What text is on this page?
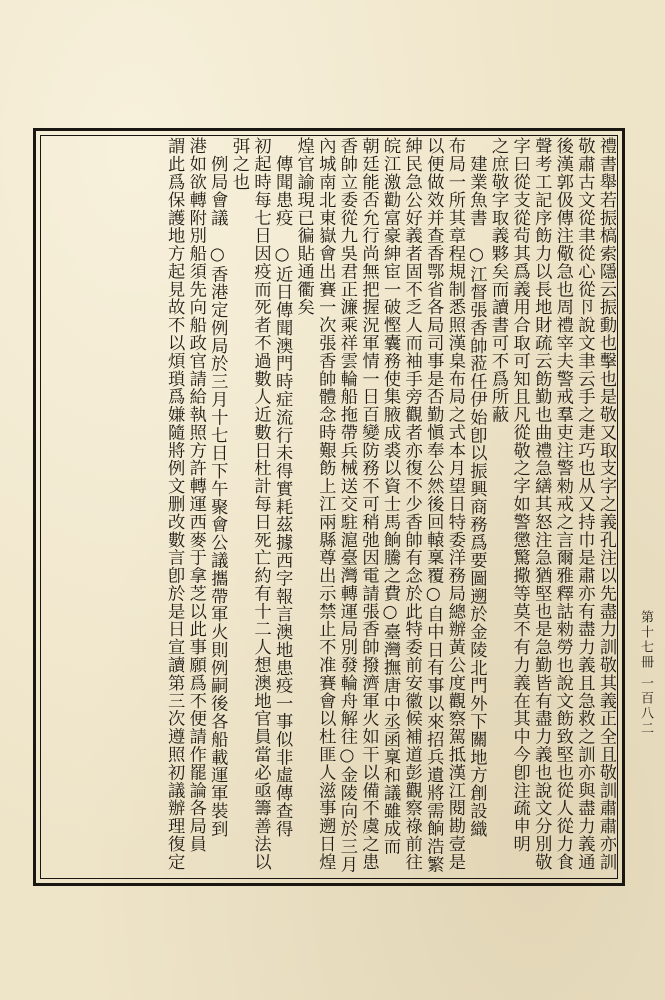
禮書舉若振槁索隱云振動也擊也是敬又取支字之義孔注以先盡力訓敬其義正全且敬訓肅肅亦訓
敬肅古文從聿從心從卪說文聿云手之疌巧也从又持巾是肅亦有盡力義且急救之訓亦與盡力義通
後漢郭伋傳注儆急也周禮宰夫警戒羣吏注警勑戒之言爾雅釋詁勑勞也說文飭致堅也從人從力食
聲考工記序飭力以長地財疏云飭勤也曲禮急繕其怒注急猶堅也是急勤皆有盡力義也說文分別敬
字曰從支從茍其爲義用合取可知且凡從敬之字如警懲驚擏等莫不有力義在其中今卽注疏申明
之庶敬字取義夥矣而讀書可不爲所蔽
建業魚書　○江督張香帥蒞任伊始卽以振興商務爲要圖遡於金陵北門外下關地方創設織
布局一所其章程規制悉照漢臬布局之式本月望日特委洋務局總辦黃公度觀察駕抵漢江閱勘壹是
以便做效并查香鄂省各局司事是否勤愼奉公然後回轅稟覆○自中日有事以來招兵遺將需餉浩繁
紳民急公好義者固不乏人而袖手旁觀者亦復不少香帥有念於此特委前安徽候補道彭觀察祿前往
皖江激勸富豪紳宦一破慳囊務使集腋成裘以資士馬餉騰之費○臺灣撫唐中丞函稟和議雖成而
朝廷能否允行尚無把握況軍情一日百變防務不可稍弛因電請張香帥撥濟軍火如干以備不虞之患
香帥立委從九吳君正濂乘祥雲輪船拖帶兵械送交駐滬臺灣轉運局別發輪舟解往○金陵向於三月
內城南北東嶽會出賽一次張香帥體念時艱飭上江兩縣尊出示禁止不准賽會以杜匪人滋事遡日煌
煌官諭現已徧貼通衢矣
傳聞患疫　○近日傳聞澳門時症流行未得實耗茲據西字報言澳地患疫一事似非虛傳查得
初起時每七日因疫而死者不過數人近數日杜計每日死亡約有十二人想澳地官員當必亟籌善法以
弭之也
例局會議　○香港定例局於三月十七日下午聚會公議攜帶軍火則例嗣後各船載運軍裝到
港如欲轉附別船須先向船政官請給執照方許轉運西麥于拿芝以此事願爲不便請作罷論各局員
謂此爲保護地方起見故不以煩瑣爲嫌隨將例文删改數言卽於是日宣讀第三次遵照初議辦理復定	第十七冊 一百八二
